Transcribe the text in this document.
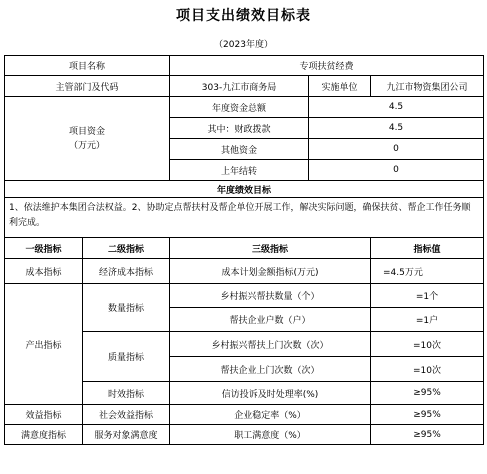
项目支出绩效目标表
（2023年度）
项目名称		专项扶贫经费		
主管部门及代码		303-九江市商务局	实施单位	九江市物资集团公司
项目资金
（万元）		年度资金总额	4.5	
		其中：财政拨款	4.5	
		其他资金	0	
		上年结转	0	
年度绩效目标				
1、依法维护本集团合法权益。2、协助定点帮扶村及帮企单位开展工作，解决实际问题，确保扶贫、帮企工作任务顺利完成。				
一级指标	二级指标	三级指标		指标值
成本指标	经济成本指标	成本计划金额指标(万元)		=4.5万元
产出指标	数量指标	乡村振兴帮扶数量（个）		=1个
		帮扶企业户数（户）		=1户
	质量指标	乡村振兴帮扶上门次数（次）		=10次
		帮扶企业上门次数（次）		=10次
	时效指标	信访投诉及时处理率(%)		≥95%
效益指标	社会效益指标	企业稳定率（%）		≥95%
满意度指标	服务对象满意度	职工满意度（%）		≥95%
